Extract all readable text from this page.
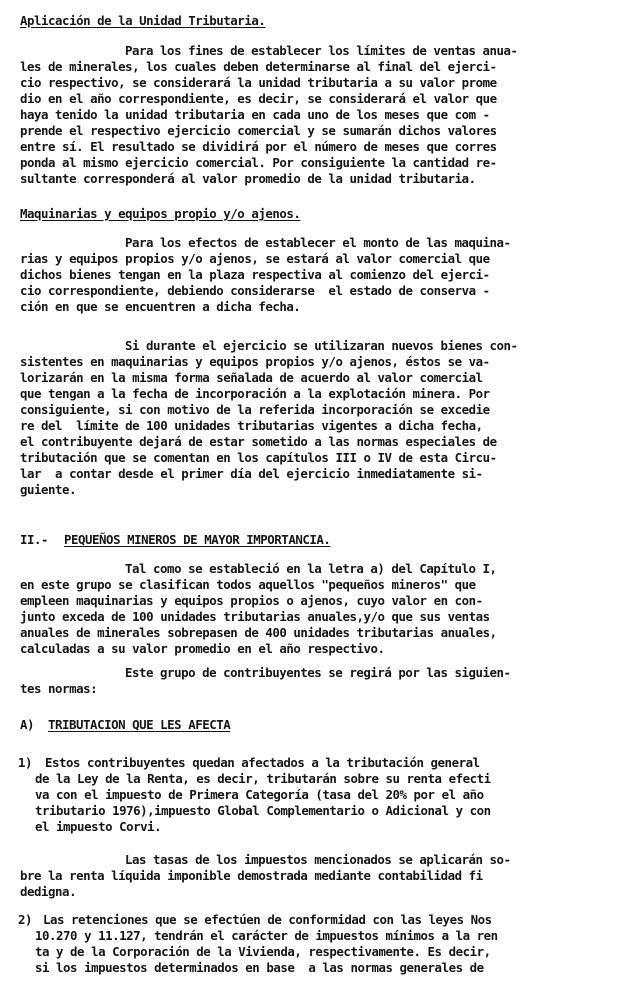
Aplicación de la Unidad Tributaria.
Para los fines de establecer los límites de ventas anua-
les de minerales, los cuales deben determinarse al final del ejerci-
cio respectivo, se considerará la unidad tributaria a su valor prome
dio en el año correspondiente, es decir, se considerará el valor que
haya tenido la unidad tributaria en cada uno de los meses que com -
prende el respectivo ejercicio comercial y se sumarán dichos valores
entre sí. El resultado se dividirá por el número de meses que corres
ponda al mismo ejercicio comercial. Por consiguiente la cantidad re-
sultante corresponderá al valor promedio de la unidad tributaria.
Maquinarias y equipos propio y/o ajenos.
Para los efectos de establecer el monto de las maquina-
rias y equipos propios y/o ajenos, se estará al valor comercial que
dichos bienes tengan en la plaza respectiva al comienzo del ejerci-
cio correspondiente, debiendo considerarse  el estado de conserva -
ción en que se encuentren a dicha fecha.
Si durante el ejercicio se utilizaran nuevos bienes con-
sistentes en maquinarias y equipos propios y/o ajenos, éstos se va-
lorizarán en la misma forma señalada de acuerdo al valor comercial
que tengan a la fecha de incorporación a la explotación minera. Por
consiguiente, si con motivo de la referida incorporación se excedie
re del  límite de 100 unidades tributarias vigentes a dicha fecha,
el contribuyente dejará de estar sometido a las normas especiales de
tributación que se comentan en los capítulos III o IV de esta Circu-
lar  a contar desde el primer día del ejercicio inmediatamente si-
guiente.
II.- PEQUEÑOS MINEROS DE MAYOR IMPORTANCIA.
Tal como se estableció en la letra a) del Capítulo I,
en este grupo se clasifican todos aquellos "pequeños mineros" que
empleen maquinarias y equipos propios o ajenos, cuyo valor en con-
junto exceda de 100 unidades tributarias anuales,y/o que sus ventas
anuales de minerales sobrepasen de 400 unidades tributarias anuales,
calculadas a su valor promedio en el año respectivo.
Este grupo de contribuyentes se regirá por las siguien-
tes normas:
A) TRIBUTACION QUE LES AFECTA
1) Estos contribuyentes quedan afectados a la tributación general
de la Ley de la Renta, es decir, tributarán sobre su renta efecti
va con el impuesto de Primera Categoría (tasa del 20% por el año
tributario 1976),impuesto Global Complementario o Adicional y con
el impuesto Corvi.
Las tasas de los impuestos mencionados se aplicarán so-
bre la renta líquida imponible demostrada mediante contabilidad fi
dedigna.
2) Las retenciones que se efectúen de conformidad con las leyes Nos
10.270 y 11.127, tendrán el carácter de impuestos mínimos a la ren
ta y de la Corporación de la Vivienda, respectivamente. Es decir,
si los impuestos determinados en base  a las normas generales de
